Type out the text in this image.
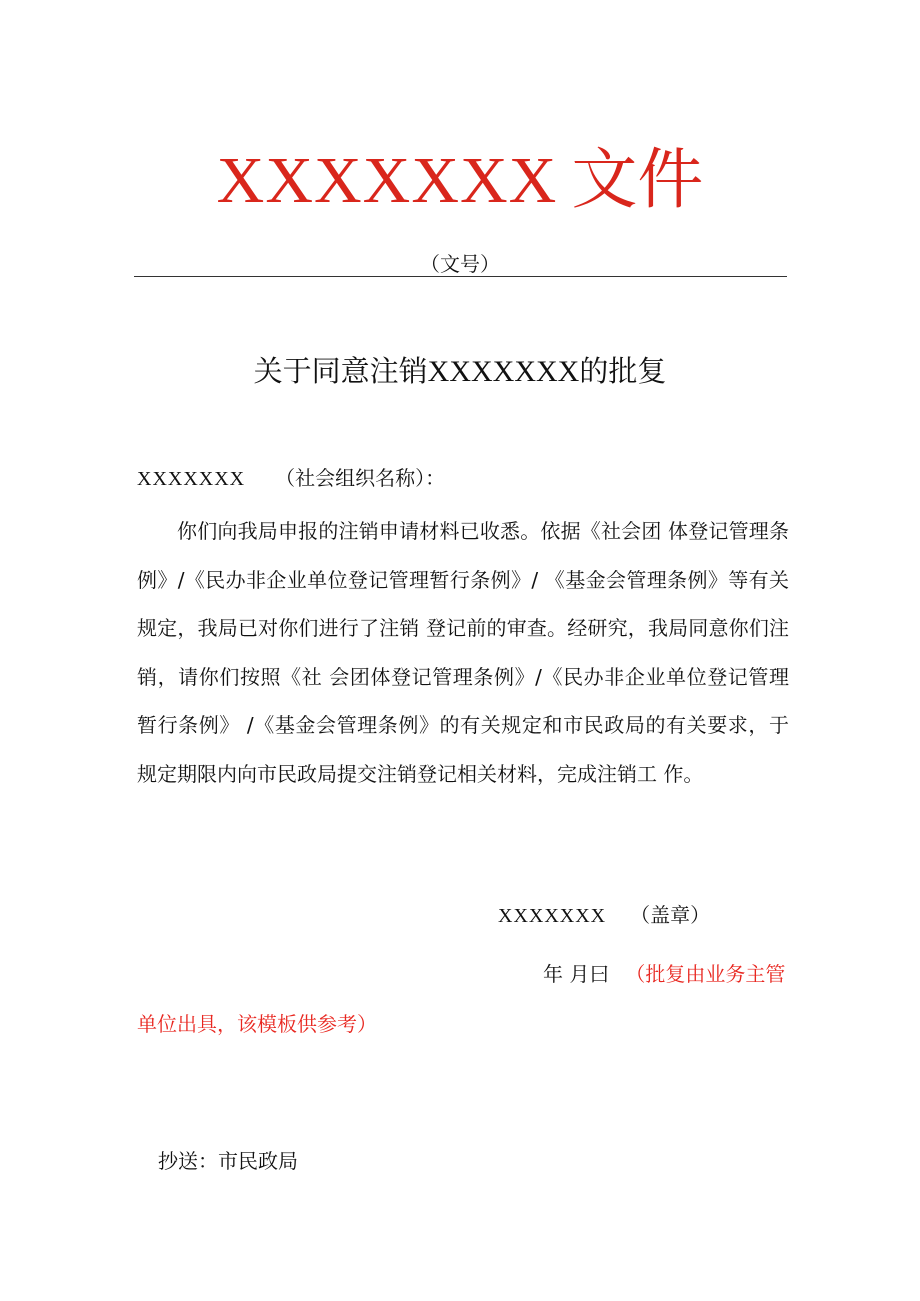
XXXXXXX 文件
（文号）
关于同意注销XXXXXXX的批复
XXXXXXX （社会组织名称）：
你们向我局申报的注销申请材料已收悉。依据《社会团 体登记管理条例》/《民办非企业单位登记管理暂行条例》/ 《基金会管理条例》等有关规定，我局已对你们进行了注销 登记前的审查。经研究，我局同意你们注销，请你们按照《社 会团体登记管理条例》/《民办非企业单位登记管理暂行条例》 /《基金会管理条例》的有关规定和市民政局的有关要求，于 规定期限内向市民政局提交注销登记相关材料，完成注销工 作。
XXXXXXX （盖章）
年 月曰 （批复由业务主管单位出具，该模板供参考）
抄送：市民政局
